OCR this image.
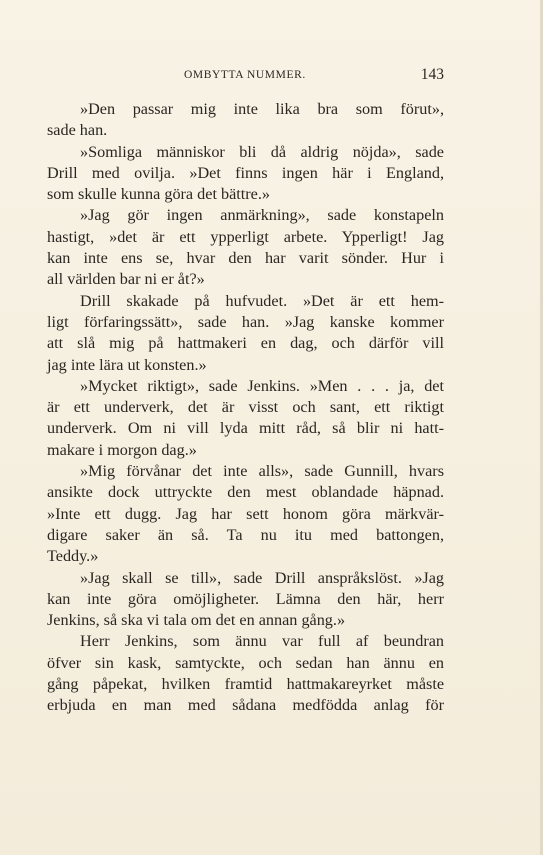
OMBYTTA NUMMER.	143
»Den passar mig inte lika bra som förut»,
sade han.
»Somliga människor bli då aldrig nöjda», sade
Drill med ovilja. »Det finns ingen här i England,
som skulle kunna göra det bättre.»
»Jag gör ingen anmärkning», sade konstapeln
hastigt, »det är ett ypperligt arbete. Ypperligt! Jag
kan inte ens se, hvar den har varit sönder. Hur i
all världen bar ni er åt?»
Drill skakade på hufvudet. »Det är ett hem-
ligt förfaringssätt», sade han. »Jag kanske kommer
att slå mig på hattmakeri en dag, och därför vill
jag inte lära ut konsten.»
»Mycket riktigt», sade Jenkins. »Men . . . ja, det
är ett underverk, det är visst och sant, ett riktigt
underverk. Om ni vill lyda mitt råd, så blir ni hatt-
makare i morgon dag.»
»Mig förvånar det inte alls», sade Gunnill, hvars
ansikte dock uttryckte den mest oblandade häpnad.
»Inte ett dugg. Jag har sett honom göra märkvär-
digare saker än så. Ta nu itu med battongen,
Teddy.»
»Jag skall se till», sade Drill anspråkslöst. »Jag
kan inte göra omöjligheter. Lämna den här, herr
Jenkins, så ska vi tala om det en annan gång.»
Herr Jenkins, som ännu var full af beundran
öfver sin kask, samtyckte, och sedan han ännu en
gång påpekat, hvilken framtid hattmakareyrket måste
erbjuda en man med sådana medfödda anlag för
